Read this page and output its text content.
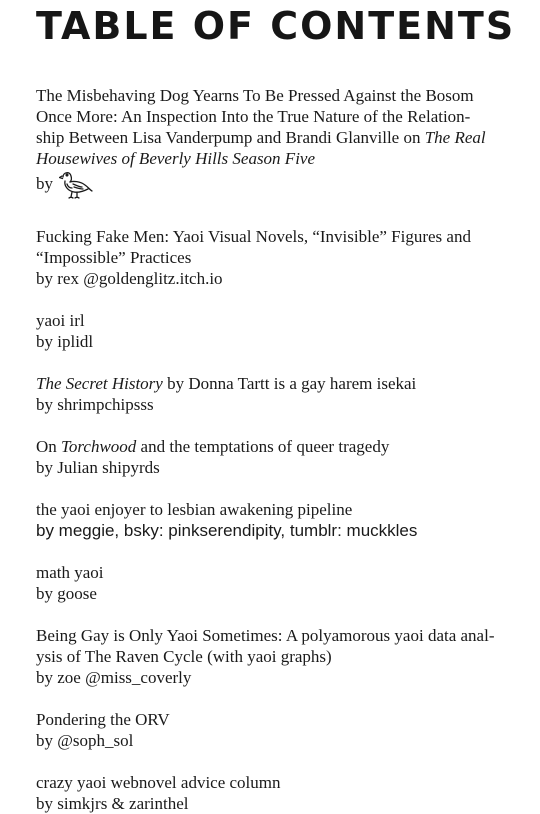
TABLE OF CONTENTS

The Misbehaving Dog Yearns To Be Pressed Against the Bosom
Once More: An Inspection Into the True Nature of the Relation-
ship Between Lisa Vanderpump and Brandi Glanville on The Real
Housewives of Beverly Hills Season Five

by

Fucking Fake Men: Yaoi Visual Novels, “Invisible” Figures and
“Impossible” Practices

by rex @goldenglitz.itch.io

yaoi irl

by iplidl

The Secret History by Donna Tartt is a gay harem isekai

by shrimpchipsss

On Torchwood and the temptations of queer tragedy

by Julian shipyrds

the yaoi enjoyer to lesbian awakening pipeline

by meggie, bsky: pinkserendipity, tumblr: muckkles

math yaoi

by goose

Being Gay is Only Yaoi Sometimes: A polyamorous yaoi data anal-
ysis of The Raven Cycle (with yaoi graphs)

by zoe @miss_coverly

Pondering the ORV

by @soph_sol

crazy yaoi webnovel advice column

by simkjrs & zarinthel
